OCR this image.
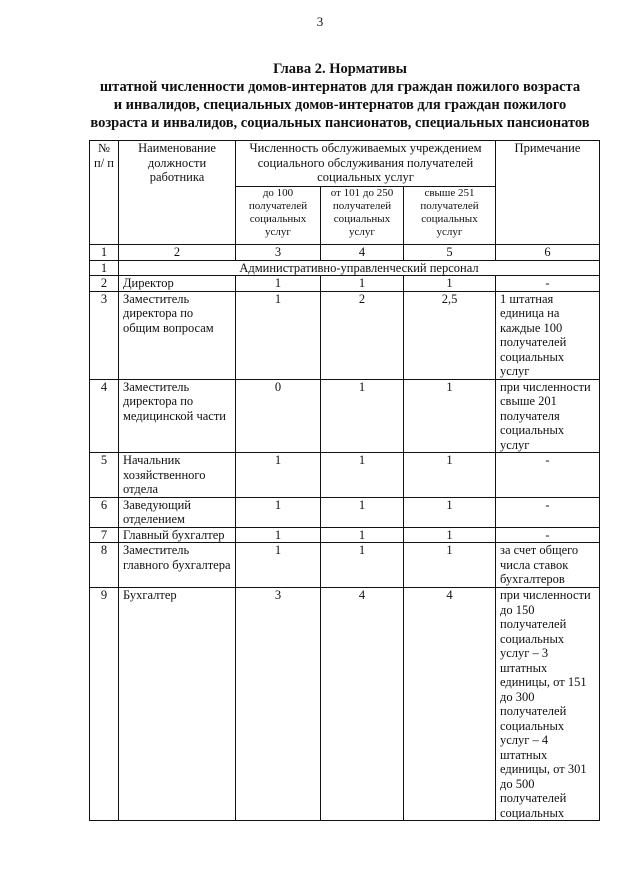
3
Глава 2. Нормативы
штатной численности домов-интернатов для граждан пожилого возраста
и инвалидов, специальных домов-интернатов для граждан пожилого
возраста и инвалидов, социальных пансионатов, специальных пансионатов
№ п/ п	Наименование должности работника	Численность обслуживаемых учреждением социального обслуживания получателей социальных услуг			Примечание
		до 100 получателей социальных услуг	от 101 до 250 получателей социальных услуг	свыше 251 получателей социальных услуг	
1	2	3	4	5	6
1	Административно-управленческий персонал				
2	Директор	1	1	1	-
3	Заместитель директора по общим вопросам	1	2	2,5	1 штатная единица на каждые 100 получателей социальных услуг
4	Заместитель директора по медицинской части	0	1	1	при численности свыше 201 получателя социальных услуг
5	Начальник хозяйственного отдела	1	1	1	-
6	Заведующий отделением	1	1	1	-
7	Главный бухгалтер	1	1	1	-
8	Заместитель главного бухгалтера	1	1	1	за счет общего числа ставок бухгалтеров
9	Бухгалтер	3	4	4	при численности до 150 получателей социальных услуг – 3 штатных единицы, от 151 до 300 получателей социальных услуг – 4 штатных единицы, от 301 до 500 получателей социальных
